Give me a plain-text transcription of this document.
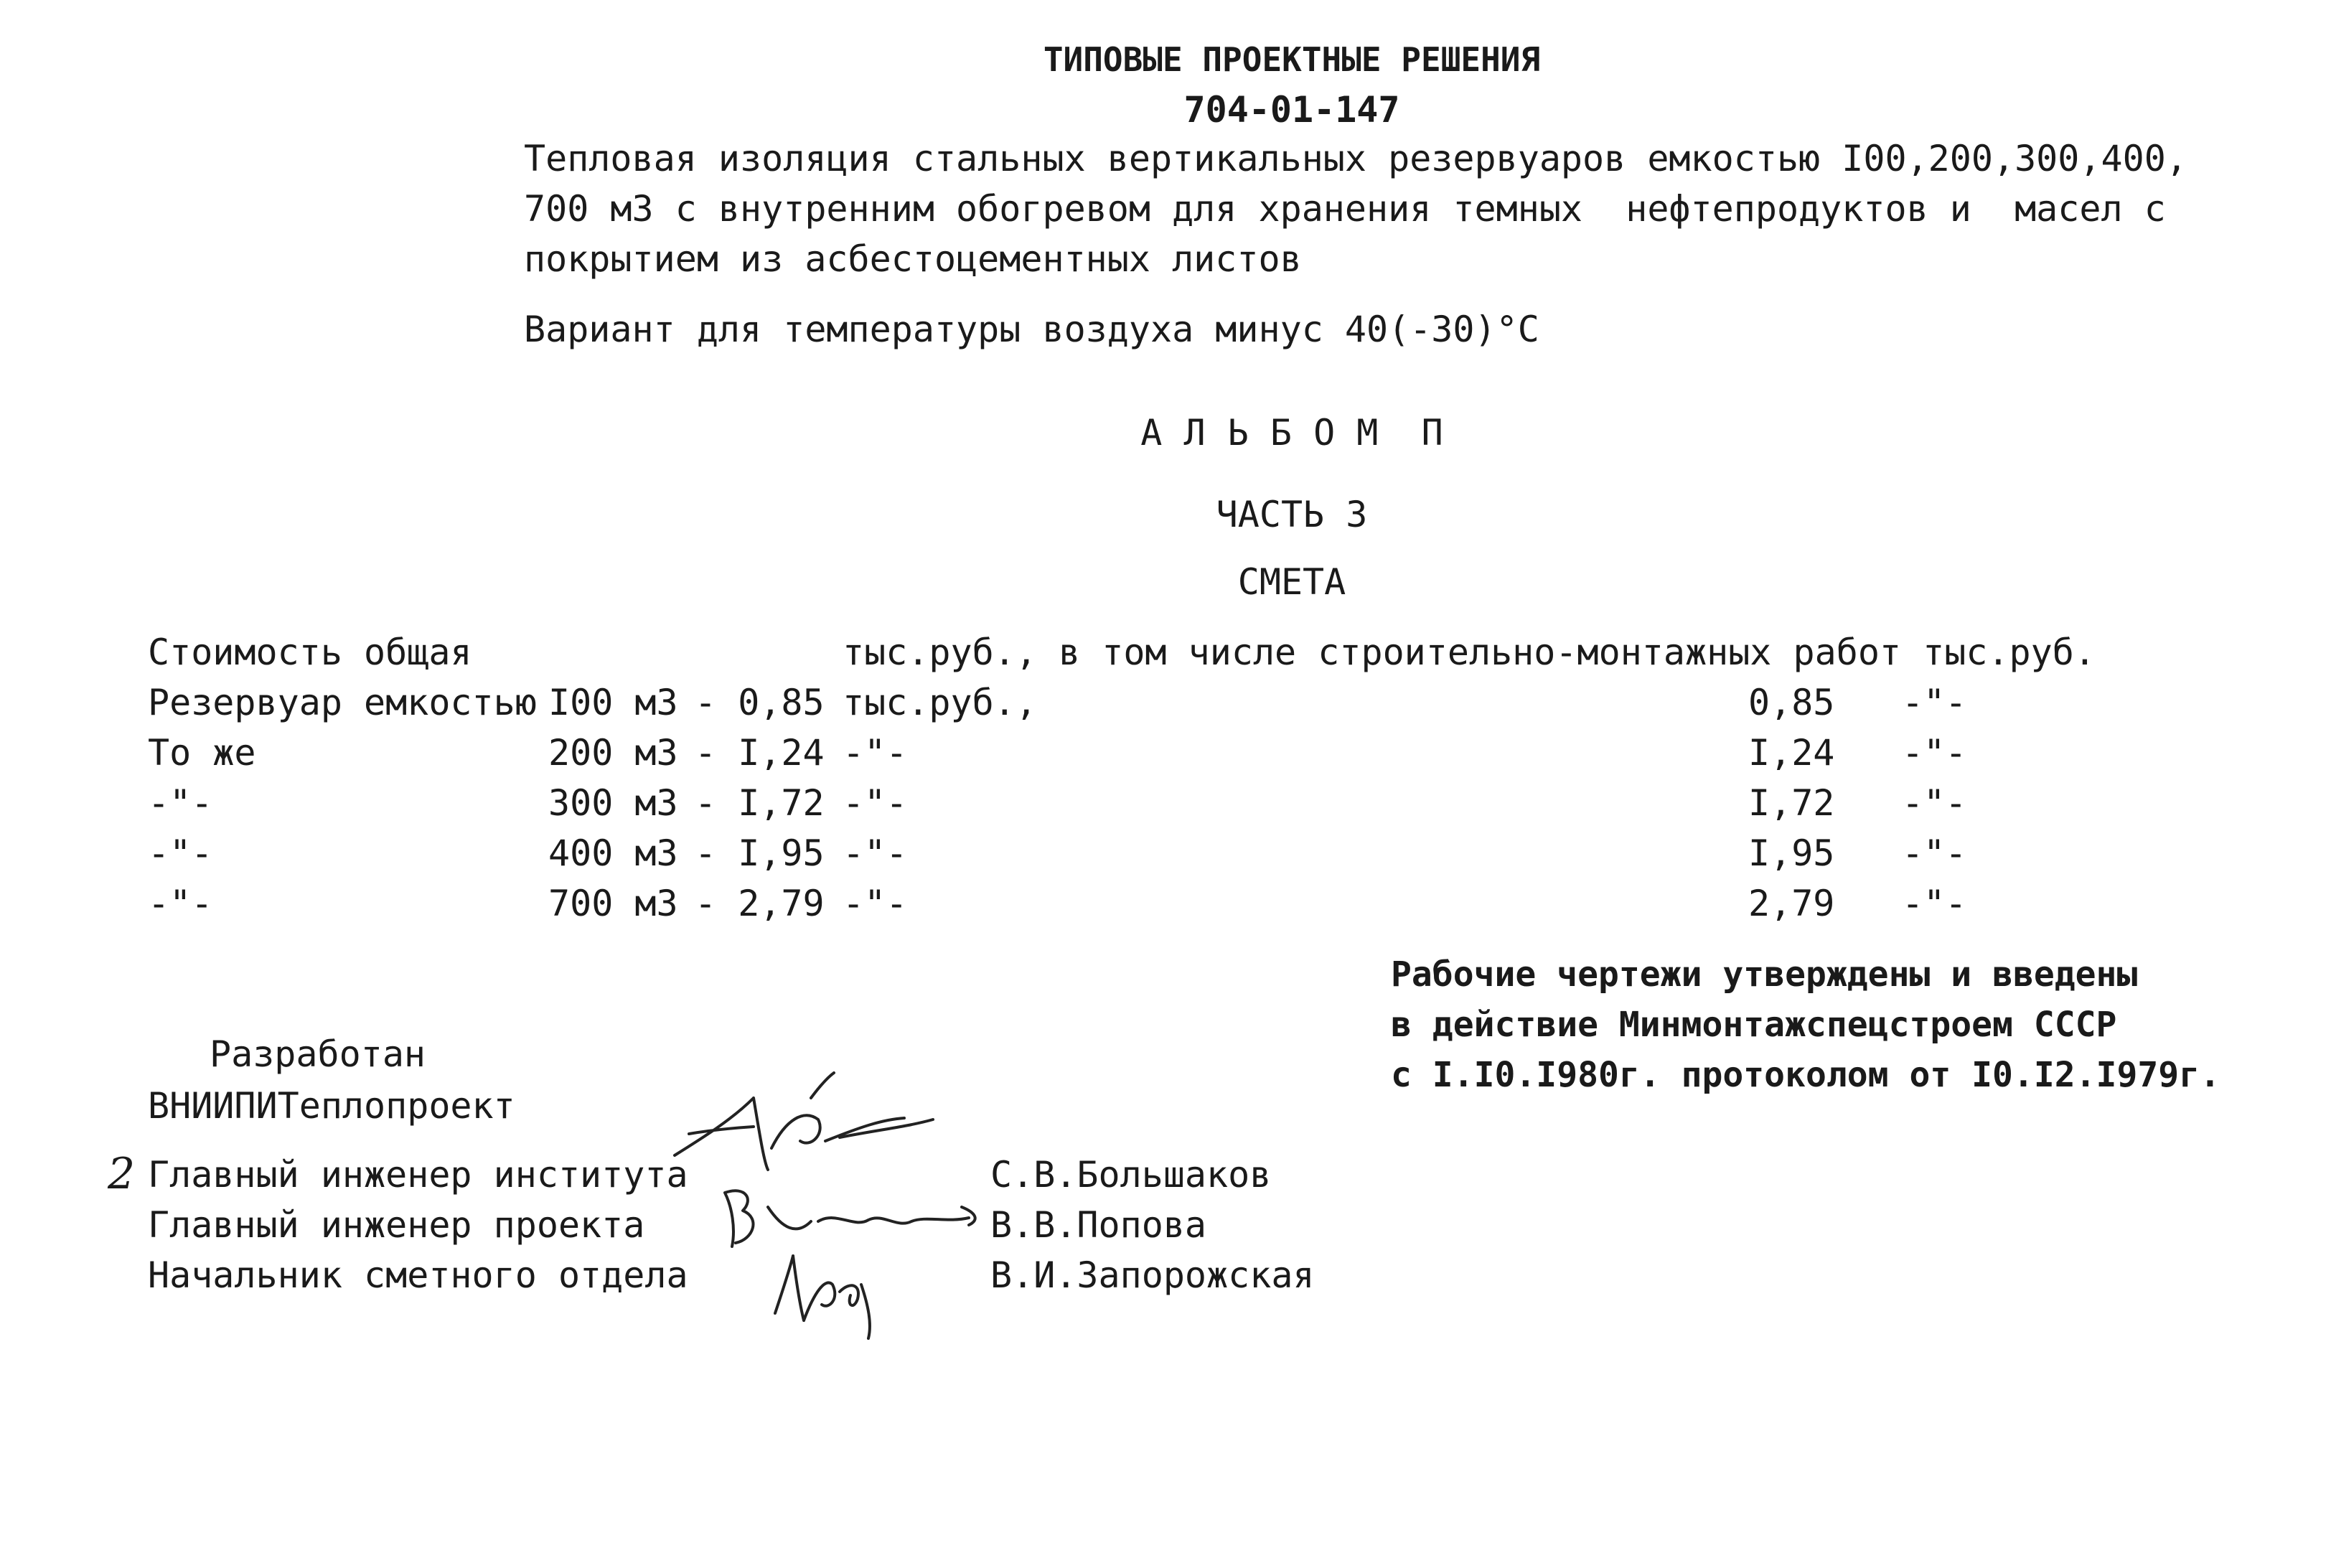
ТИПОВЫЕ ПРОЕКТНЫЕ РЕШЕНИЯ
704-01-147
Тепловая изоляция стальных вертикальных резервуаров емкостью I00,200,300,400,
700 м3 с внутренним обогревом для хранения темных  нефтепродуктов и  масел с
покрытием из асбестоцементных листов
Вариант для температуры воздуха минус 40(-30)°C
А Л Ь Б О М  П
ЧАСТЬ 3
СМЕТА
Стоимость общая	тыс.руб., в том числе строительно-монтажных работ тыс.руб.
Резервуар емкостью I00 м3 - 0,85 тыс.руб.,	0,85 -"-
То же	200 м3 - I,24 -"-	I,24 -"-
-"-	300 м3 - I,72 -"-	I,72 -"-
-"-	400 м3 - I,95 -"-	I,95 -"-
-"-	700 м3 - 2,79 -"-	2,79 -"-
Рабочие чертежи утверждены и введены
в действие Минмонтажспецстроем СССР
с I.I0.I980г. протоколом от I0.I2.I979г.
Разработан
ВНИИПИТеплопроект
2 Главный инженер института	С.В.Большаков
Главный инженер проекта	В.В.Попова
Начальник сметного отдела	В.И.Запорожская
